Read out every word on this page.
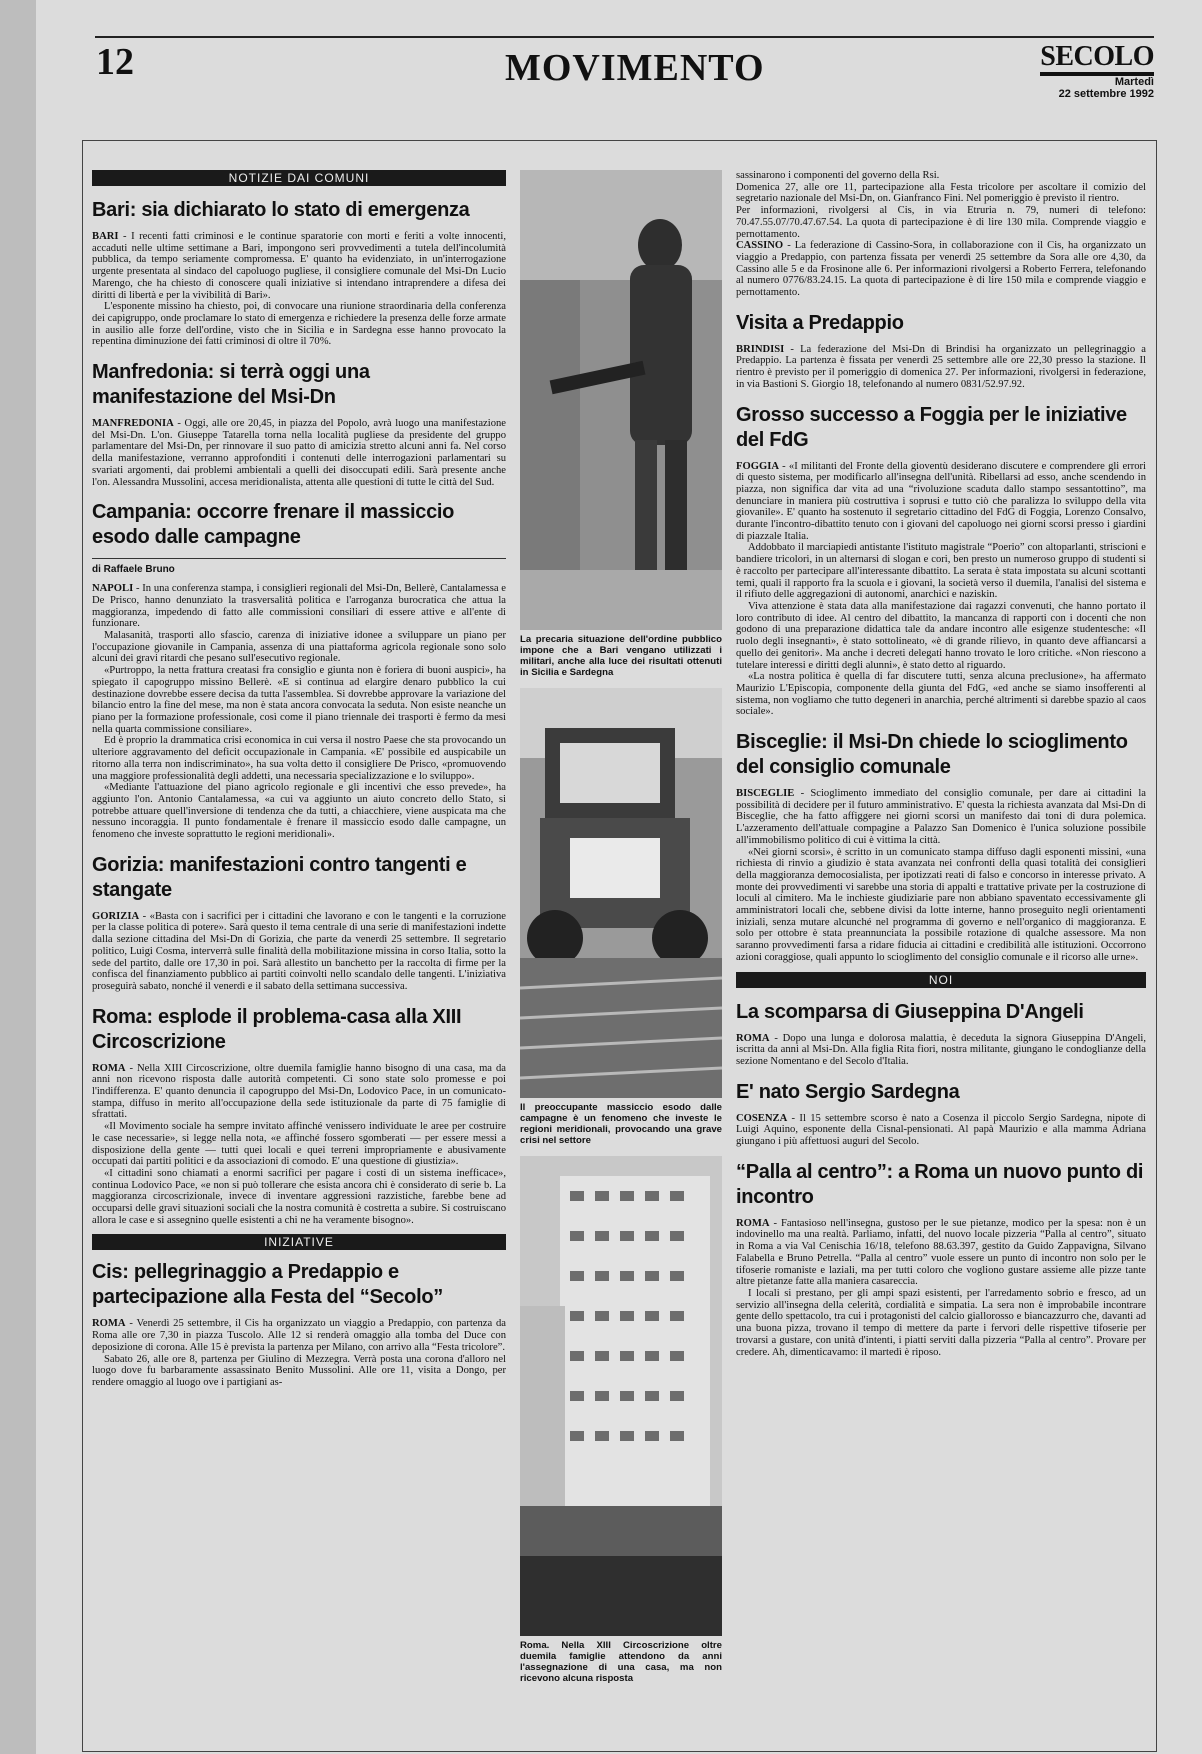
12	MOVIMENTO	SECOLO
Martedì
22 settembre 1992
NOTIZIE DAI COMUNI
Bari: sia dichiarato lo stato di emergenza

BARI - I recenti fatti criminosi e le continue sparatorie con morti e feriti a volte innocenti, accaduti nelle ultime settimane a Bari, impongono seri provvedimenti a tutela dell'incolumità pubblica, da tempo seriamente compromessa. E' quanto ha evidenziato, in un'interrogazione urgente presentata al sindaco del capoluogo pugliese, il consigliere comunale del Msi-Dn Lucio Marengo, che ha chiesto di conoscere quali iniziative si intendano intraprendere a difesa dei diritti di libertà e per la vivibilità di Bari».

L'esponente missino ha chiesto, poi, di convocare una riunione straordinaria della conferenza dei capigruppo, onde proclamare lo stato di emergenza e richiedere la presenza delle forze armate in ausilio alle forze dell'ordine, visto che in Sicilia e in Sardegna esse hanno provocato la repentina diminuzione dei fatti criminosi di oltre il 70%.

Manfredonia: si terrà oggi una manifestazione del Msi-Dn

MANFREDONIA - Oggi, alle ore 20,45, in piazza del Popolo, avrà luogo una manifestazione del Msi-Dn. L'on. Giuseppe Tatarella torna nella località pugliese da presidente del gruppo parlamentare del Msi-Dn, per rinnovare il suo patto di amicizia stretto alcuni anni fa. Nel corso della manifestazione, verranno approfonditi i contenuti delle interrogazioni parlamentari su svariati argomenti, dai problemi ambientali a quelli dei disoccupati edili. Sarà presente anche l'on. Alessandra Mussolini, accesa meridionalista, attenta alle questioni di tutte le città del Sud.

Campania: occorre frenare il massiccio esodo dalle campagne
di Raffaele Bruno

NAPOLI - In una conferenza stampa, i consiglieri regionali del Msi-Dn, Bellerè, Cantalamessa e De Prisco, hanno denunziato la trasversalità politica e l'arroganza burocratica che attua la maggioranza, impedendo di fatto alle commissioni consiliari di essere attive e all'ente di funzionare.

Malasanità, trasporti allo sfascio, carenza di iniziative idonee a sviluppare un piano per l'occupazione giovanile in Campania, assenza di una piattaforma agricola regionale sono solo alcuni dei gravi ritardi che pesano sull'esecutivo regionale.

«Purtroppo, la netta frattura creatasi fra consiglio e giunta non è foriera di buoni auspici», ha spiegato il capogruppo missino Bellerè. «E si continua ad elargire denaro pubblico la cui destinazione dovrebbe essere decisa da tutta l'assemblea. Si dovrebbe approvare la variazione del bilancio entro la fine del mese, ma non è stata ancora convocata la seduta. Non esiste neanche un piano per la formazione professionale, così come il piano triennale dei trasporti è fermo da mesi nella quarta commissione consiliare».

Ed è proprio la drammatica crisi economica in cui versa il nostro Paese che sta provocando un ulteriore aggravamento del deficit occupazionale in Campania. «E' possibile ed auspicabile un ritorno alla terra non indiscriminato», ha sua volta detto il consigliere De Prisco, «promuovendo una maggiore professionalità degli addetti, una necessaria specializzazione e lo sviluppo».

«Mediante l'attuazione del piano agricolo regionale e gli incentivi che esso prevede», ha aggiunto l'on. Antonio Cantalamessa, «a cui va aggiunto un aiuto concreto dello Stato, si potrebbe attuare quell'inversione di tendenza che da tutti, a chiacchiere, viene auspicata ma che nessuno incoraggia. Il punto fondamentale è frenare il massiccio esodo dalle campagne, un fenomeno che investe soprattutto le regioni meridionali».

Gorizia: manifestazioni contro tangenti e stangate

GORIZIA - «Basta con i sacrifici per i cittadini che lavorano e con le tangenti e la corruzione per la classe politica di potere». Sarà questo il tema centrale di una serie di manifestazioni indette dalla sezione cittadina del Msi-Dn di Gorizia, che parte da venerdì 25 settembre. Il segretario politico, Luigi Cosma, interverrà sulle finalità della mobilitazione missina in corso Italia, sotto la sede del partito, dalle ore 17,30 in poi. Sarà allestito un banchetto per la raccolta di firme per la confisca del finanziamento pubblico ai partiti coinvolti nello scandalo delle tangenti. L'iniziativa proseguirà sabato, nonché il venerdì e il sabato della settimana successiva.

Roma: esplode il problema-casa alla XIII Circoscrizione

ROMA - Nella XIII Circoscrizione, oltre duemila famiglie hanno bisogno di una casa, ma da anni non ricevono risposta dalle autorità competenti. Ci sono state solo promesse e poi l'indifferenza. E' quanto denuncia il capogruppo del Msi-Dn, Lodovico Pace, in un comunicato-stampa, diffuso in merito all'occupazione della sede istituzionale da parte di 75 famiglie di sfrattati.

«Il Movimento sociale ha sempre invitato affinché venissero individuate le aree per costruire le case necessarie», si legge nella nota, «e affinché fossero sgomberati — per essere messi a disposizione della gente — tutti quei locali e quei terreni impropriamente e abusivamente occupati dai partiti politici e da associazioni di comodo. E' una questione di giustizia».

«I cittadini sono chiamati a enormi sacrifici per pagare i costi di un sistema inefficace», continua Lodovico Pace, «e non si può tollerare che esista ancora chi è considerato di serie b. La maggioranza circoscrizionale, invece di inventare aggressioni razzistiche, farebbe bene ad occuparsi delle gravi situazioni sociali che la nostra comunità è costretta a subire. Si costruiscano allora le case e si assegnino quelle esistenti a chi ne ha veramente bisogno».

INIZIATIVE
Cis: pellegrinaggio a Predappio e partecipazione alla Festa del “Secolo”

ROMA - Venerdì 25 settembre, il Cis ha organizzato un viaggio a Predappio, con partenza da Roma alle ore 7,30 in piazza Tuscolo. Alle 12 si renderà omaggio alla tomba del Duce con deposizione di corona. Alle 15 è prevista la partenza per Milano, con arrivo alla “Festa tricolore”.

Sabato 26, alle ore 8, partenza per Giulino di Mezzegra. Verrà posta una corona d'alloro nel luogo dove fu barbaramente assassinato Benito Mussolini. Alle ore 11, visita a Dongo, per rendere omaggio al luogo ove i partigiani as-

La precaria situazione dell'ordine pubblico impone che a Bari vengano utilizzati i militari, anche alla luce dei risultati ottenuti in Sicilia e Sardegna
Il preoccupante massiccio esodo dalle campagne è un fenomeno che investe le regioni meridionali, provocando una grave crisi nel settore
Roma. Nella XIII Circoscrizione oltre duemila famiglie attendono da anni l'assegnazione di una casa, ma non ricevono alcuna risposta

sassinarono i componenti del governo della Rsi.

Domenica 27, alle ore 11, partecipazione alla Festa tricolore per ascoltare il comizio del segretario nazionale del Msi-Dn, on. Gianfranco Fini. Nel pomeriggio è previsto il rientro.

Per informazioni, rivolgersi al Cis, in via Etruria n. 79, numeri di telefono: 70.47.55.07/70.47.67.54. La quota di partecipazione è di lire 130 mila. Comprende viaggio e pernottamento.

CASSINO - La federazione di Cassino-Sora, in collaborazione con il Cis, ha organizzato un viaggio a Predappio, con partenza fissata per venerdì 25 settembre da Sora alle ore 4,30, da Cassino alle 5 e da Frosinone alle 6. Per informazioni rivolgersi a Roberto Ferrera, telefonando al numero 0776/83.24.15. La quota di partecipazione è di lire 150 mila e comprende viaggio e pernottamento.

Visita a Predappio

BRINDISI - La federazione del Msi-Dn di Brindisi ha organizzato un pellegrinaggio a Predappio. La partenza è fissata per venerdì 25 settembre alle ore 22,30 presso la stazione. Il rientro è previsto per il pomeriggio di domenica 27. Per informazioni, rivolgersi in federazione, in via Bastioni S. Giorgio 18, telefonando al numero 0831/52.97.92.

Grosso successo a Foggia per le iniziative del FdG

FOGGIA - «I militanti del Fronte della gioventù desiderano discutere e comprendere gli errori di questo sistema, per modificarlo all'insegna dell'unità. Ribellarsi ad esso, anche scendendo in piazza, non significa dar vita ad una “rivoluzione scaduta dallo stampo sessantottino”, ma denunciare in maniera più costruttiva i soprusi e tutto ciò che paralizza lo sviluppo della vita giovanile». E' quanto ha sostenuto il segretario cittadino del FdG di Foggia, Lorenzo Consalvo, durante l'incontro-dibattito tenuto con i giovani del capoluogo nei giorni scorsi presso i giardini di piazzale Italia.

Addobbato il marciapiedi antistante l'istituto magistrale “Poerio” con altoparlanti, striscioni e bandiere tricolori, in un alternarsi di slogan e cori, ben presto un numeroso gruppo di studenti si è raccolto per partecipare all'interessante dibattito. La serata è stata impostata su alcuni scottanti temi, quali il rapporto fra la scuola e i giovani, la società verso il duemila, l'analisi del sistema e il rifiuto delle aggregazioni di autonomi, anarchici e naziskin.

Viva attenzione è stata data alla manifestazione dai ragazzi convenuti, che hanno portato il loro contributo di idee. Al centro del dibattito, la mancanza di rapporti con i docenti che non godono di una preparazione didattica tale da andare incontro alle esigenze studentesche: «Il ruolo degli insegnanti», è stato sottolineato, «è di grande rilievo, in quanto deve affiancarsi a quello dei genitori». Ma anche i decreti delegati hanno trovato le loro critiche. «Non riescono a tutelare interessi e diritti degli alunni», è stato detto al riguardo.

«La nostra politica è quella di far discutere tutti, senza alcuna preclusione», ha affermato Maurizio L'Episcopia, componente della giunta del FdG, «ed anche se siamo insofferenti al sistema, non vogliamo che tutto degeneri in anarchia, perché altrimenti si darebbe spazio al caos sociale».

Bisceglie: il Msi-Dn chiede lo scioglimento del consiglio comunale

BISCEGLIE - Scioglimento immediato del consiglio comunale, per dare ai cittadini la possibilità di decidere per il futuro amministrativo. E' questa la richiesta avanzata dal Msi-Dn di Bisceglie, che ha fatto affiggere nei giorni scorsi un manifesto dai toni di dura polemica. L'azzeramento dell'attuale compagine a Palazzo San Domenico è l'unica soluzione possibile all'immobilismo politico di cui è vittima la città.

«Nei giorni scorsi», è scritto in un comunicato stampa diffuso dagli esponenti missini, «una richiesta di rinvio a giudizio è stata avanzata nei confronti della quasi totalità dei consiglieri della maggioranza democosialista, per ipotizzati reati di falso e concorso in interesse privato. A monte dei provvedimenti vi sarebbe una storia di appalti e trattative private per la costruzione di loculi al cimitero. Ma le inchieste giudiziarie pare non abbiano spaventato eccessivamente gli amministratori locali che, sebbene divisi da lotte interne, hanno proseguito negli orientamenti iniziali, senza mutare alcunché nel programma di governo e nell'organico di maggioranza. E solo per ottobre è stata preannunciata la possibile rotazione di qualche assessore. Ma non saranno provvedimenti farsa a ridare fiducia ai cittadini e credibilità alle istituzioni. Occorrono azioni coraggiose, quali appunto lo scioglimento del consiglio comunale e il ricorso alle urne».

NOI
La scomparsa di Giuseppina D'Angeli

ROMA - Dopo una lunga e dolorosa malattia, è deceduta la signora Giuseppina D'Angeli, iscritta da anni al Msi-Dn. Alla figlia Rita fiori, nostra militante, giungano le condoglianze della sezione Nomentano e del Secolo d'Italia.

E' nato Sergio Sardegna

COSENZA - Il 15 settembre scorso è nato a Cosenza il piccolo Sergio Sardegna, nipote di Luigi Aquino, esponente della Cisnal-pensionati. Al papà Maurizio e alla mamma Adriana giungano i più affettuosi auguri del Secolo.

“Palla al centro”: a Roma un nuovo punto di incontro

ROMA - Fantasioso nell'insegna, gustoso per le sue pietanze, modico per la spesa: non è un indovinello ma una realtà. Parliamo, infatti, del nuovo locale pizzeria “Palla al centro”, situato in Roma a via Val Cenischia 16/18, telefono 88.63.397, gestito da Guido Zappavigna, Silvano Falabella e Bruno Petrella. “Palla al centro” vuole essere un punto di incontro non solo per le tifoserie romaniste e laziali, ma per tutti coloro che vogliono gustare assieme alle pizze tante altre pietanze fatte alla maniera casareccia.

I locali si prestano, per gli ampi spazi esistenti, per l'arredamento sobrio e fresco, ad un servizio all'insegna della celerità, cordialità e simpatia. La sera non è improbabile incontrare gente dello spettacolo, tra cui i protagonisti del calcio giallorosso e biancazzurro che, davanti ad una buona pizza, trovano il tempo di mettere da parte i fervori delle rispettive tifoserie per trovarsi a gustare, con unità d'intenti, i piatti serviti dalla pizzeria “Palla al centro”. Provare per credere. Ah, dimenticavamo: il martedì è riposo.
